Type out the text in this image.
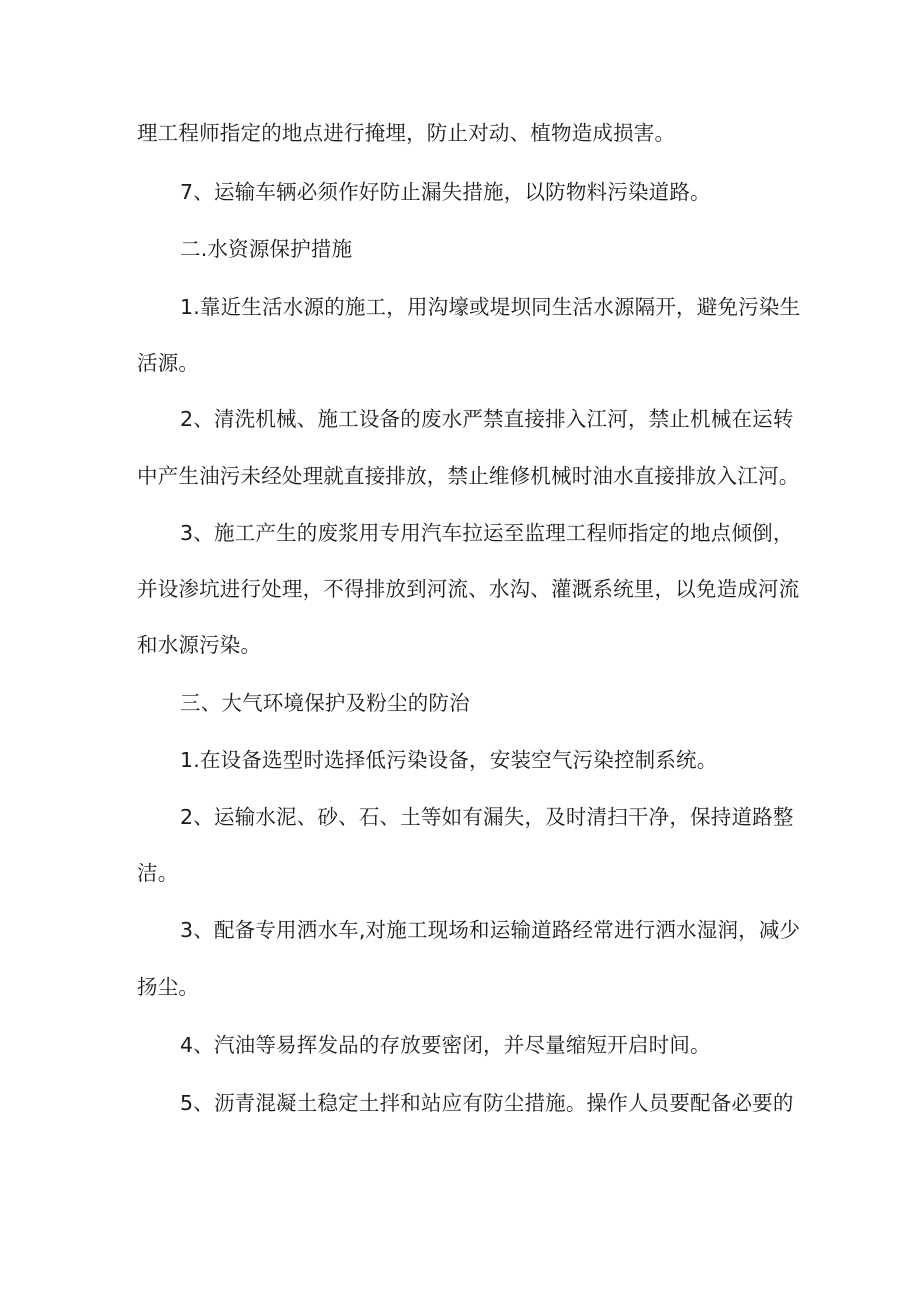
理工程师指定的地点进行掩埋，防止对动、植物造成损害。

7、运输车辆必须作好防止漏失措施，以防物料污染道路。

二.水资源保护措施

1.靠近生活水源的施工，用沟壕或堤坝同生活水源隔开，避免污染生

活源。

2、清洗机械、施工设备的废水严禁直接排入江河，禁止机械在运转

中产生油污未经处理就直接排放，禁止维修机械时油水直接排放入江河。

3、施工产生的废浆用专用汽车拉运至监理工程师指定的地点倾倒，

并设渗坑进行处理，不得排放到河流、水沟、灌溉系统里，以免造成河流

和水源污染。

三、大气环境保护及粉尘的防治

1.在设备选型时选择低污染设备，安装空气污染控制系统。

2、运输水泥、砂、石、土等如有漏失，及时清扫干净，保持道路整

洁。

3、配备专用洒水车,对施工现场和运输道路经常进行洒水湿润，减少

扬尘。

4、汽油等易挥发品的存放要密闭，并尽量缩短开启时间。

5、沥青混凝土稳定土拌和站应有防尘措施。操作人员要配备必要的
